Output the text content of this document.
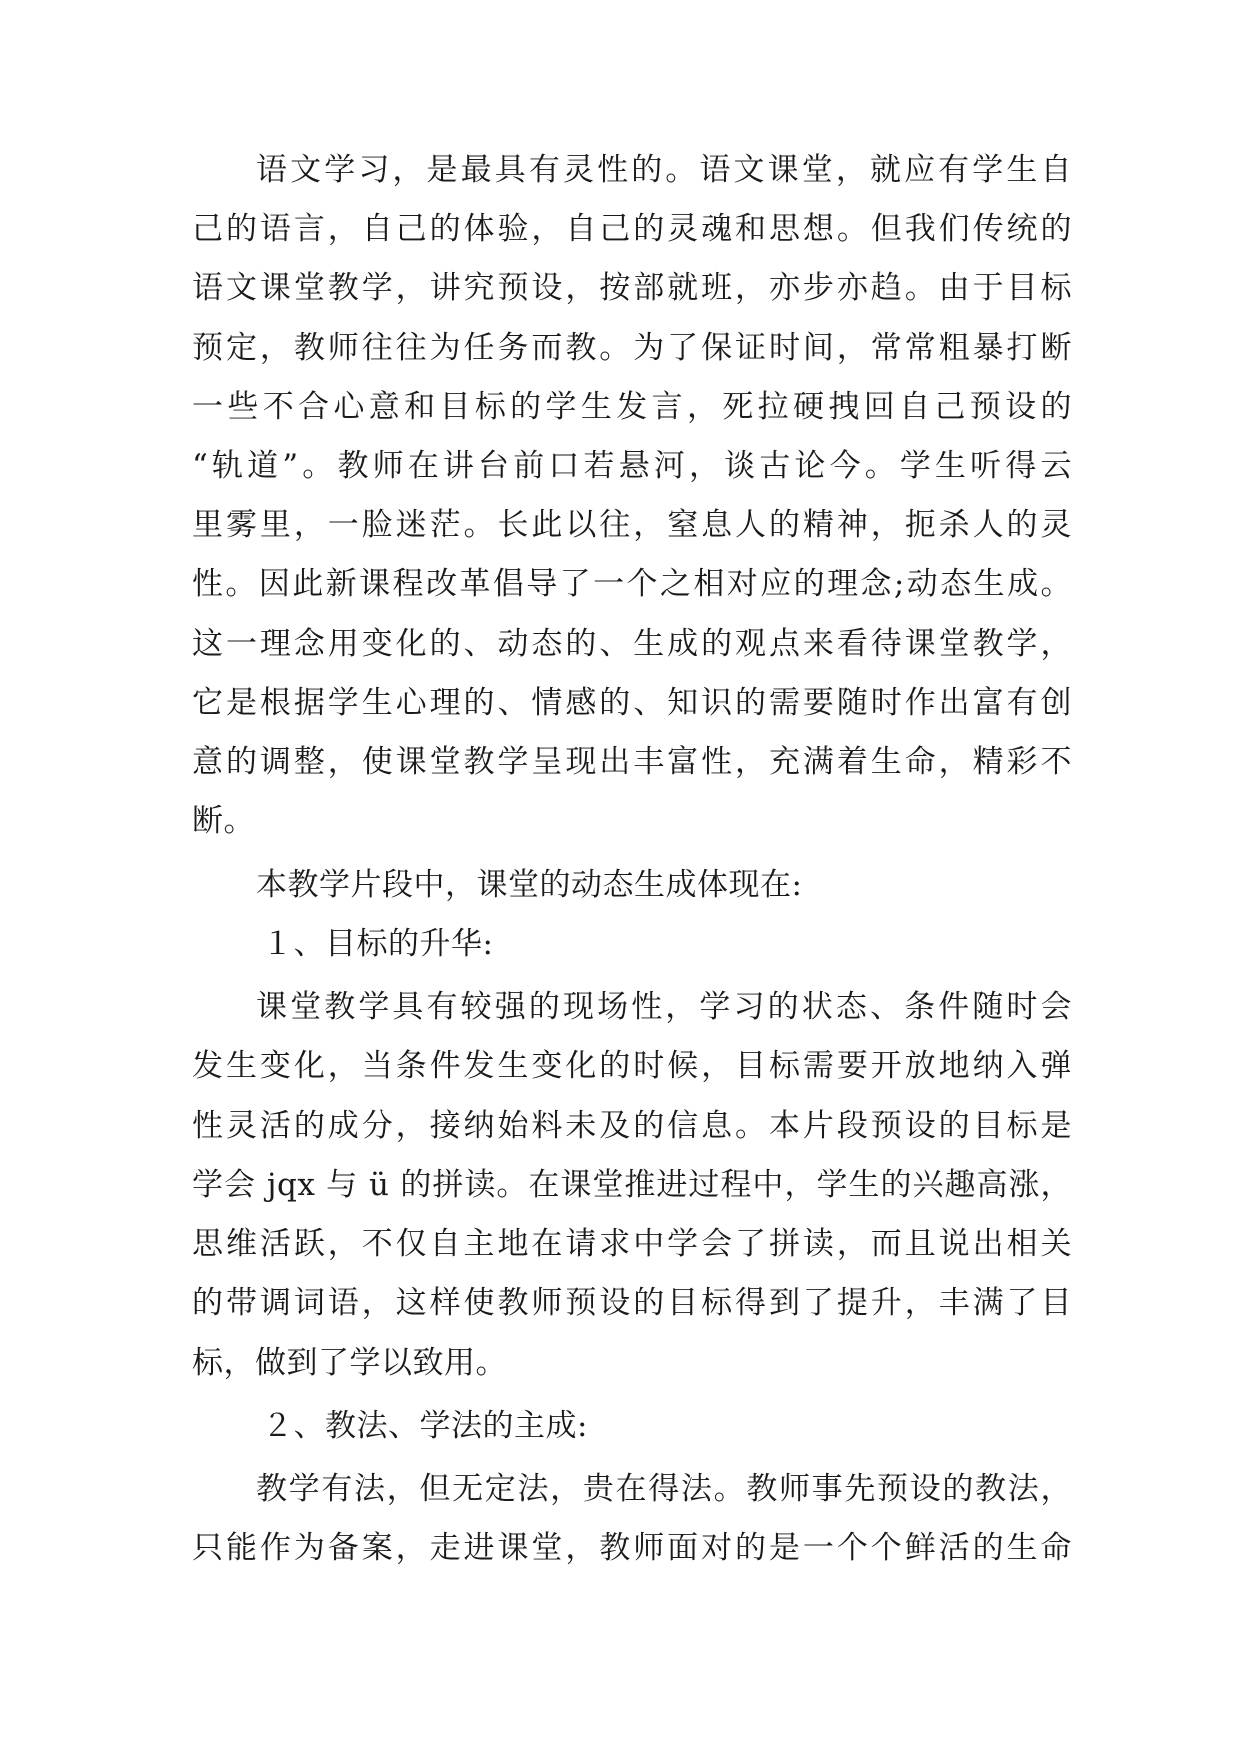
语文学习，是最具有灵性的。语文课堂，就应有学生自
己的语言，自己的体验，自己的灵魂和思想。但我们传统的
语文课堂教学，讲究预设，按部就班，亦步亦趋。由于目标
预定，教师往往为任务而教。为了保证时间，常常粗暴打断
一些不合心意和目标的学生发言，死拉硬拽回自己预设的
“轨道”。教师在讲台前口若悬河，谈古论今。学生听得云
里雾里，一脸迷茫。长此以往，窒息人的精神，扼杀人的灵
性。因此新课程改革倡导了一个之相对应的理念;动态生成。
这一理念用变化的、动态的、生成的观点来看待课堂教学，
它是根据学生心理的、情感的、知识的需要随时作出富有创
意的调整，使课堂教学呈现出丰富性，充满着生命，精彩不
断。
本教学片段中，课堂的动态生成体现在:
１、目标的升华:
课堂教学具有较强的现场性，学习的状态、条件随时会
发生变化，当条件发生变化的时候，目标需要开放地纳入弹
性灵活的成分，接纳始料未及的信息。本片段预设的目标是
学会 jqx 与 ü 的拼读。在课堂推进过程中，学生的兴趣高涨，
思维活跃，不仅自主地在请求中学会了拼读，而且说出相关
的带调词语，这样使教师预设的目标得到了提升，丰满了目
标，做到了学以致用。
２、教法、学法的主成:
教学有法，但无定法，贵在得法。教师事先预设的教法，
只能作为备案，走进课堂，教师面对的是一个个鲜活的生命
